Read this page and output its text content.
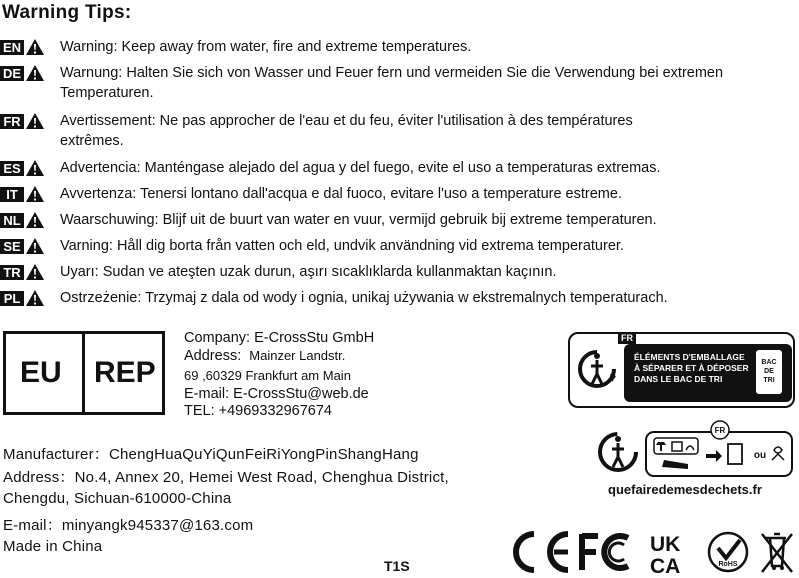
Warning Tips:
EN	Warning: Keep away from water, fire and extreme temperatures.
DE	Warnung: Halten Sie sich von Wasser und Feuer fern und vermeiden Sie die Verwendung bei extremen
Temperaturen.
FR	Avertissement: Ne pas approcher de l'eau et du feu, éviter l'utilisation à des températures
extrêmes.
ES	Advertencia: Manténgase alejado del agua y del fuego, evite el uso a temperaturas extremas.
IT	Avvertenza: Tenersi lontano dall'acqua e dal fuoco, evitare l'uso a temperature estreme.
NL	Waarschuwing: Blijf uit de buurt van water en vuur, vermijd gebruik bij extreme temperaturen.
SE	Varning: Håll dig borta från vatten och eld, undvik användning vid extrema temperaturer.
TR	Uyarı: Sudan ve ateşten uzak durun, aşırı sıcaklıklarda kullanmaktan kaçının.
PL	Ostrzeżenie: Trzymaj z dala od wody i ognia, unikaj używania w ekstremalnych temperaturach.
EU REP
Company: E-CrossStu GmbH
Address: Mainzer Landstr.
69 ,60329 Frankfurt am Main
E-mail: E-CrossStu@web.de
TEL: +4969332967674
Manufacturer：ChengHuaQuYiQunFeiRiYongPinShangHang
Address：No.4, Annex 20, Hemei West Road, Chenghua District,
Chengdu, Sichuan-610000-China
E-mail：minyangk945337@163.com
Made in China
FR
ÉLÉMENTS D'EMBALLAGE
À SÉPARER ET À DÉPOSER
DANS LE BAC DE TRI
BAC
DE
TRI
FR
ou
quefairedemesdechets.fr
T1S
UK
CA	RoHS
